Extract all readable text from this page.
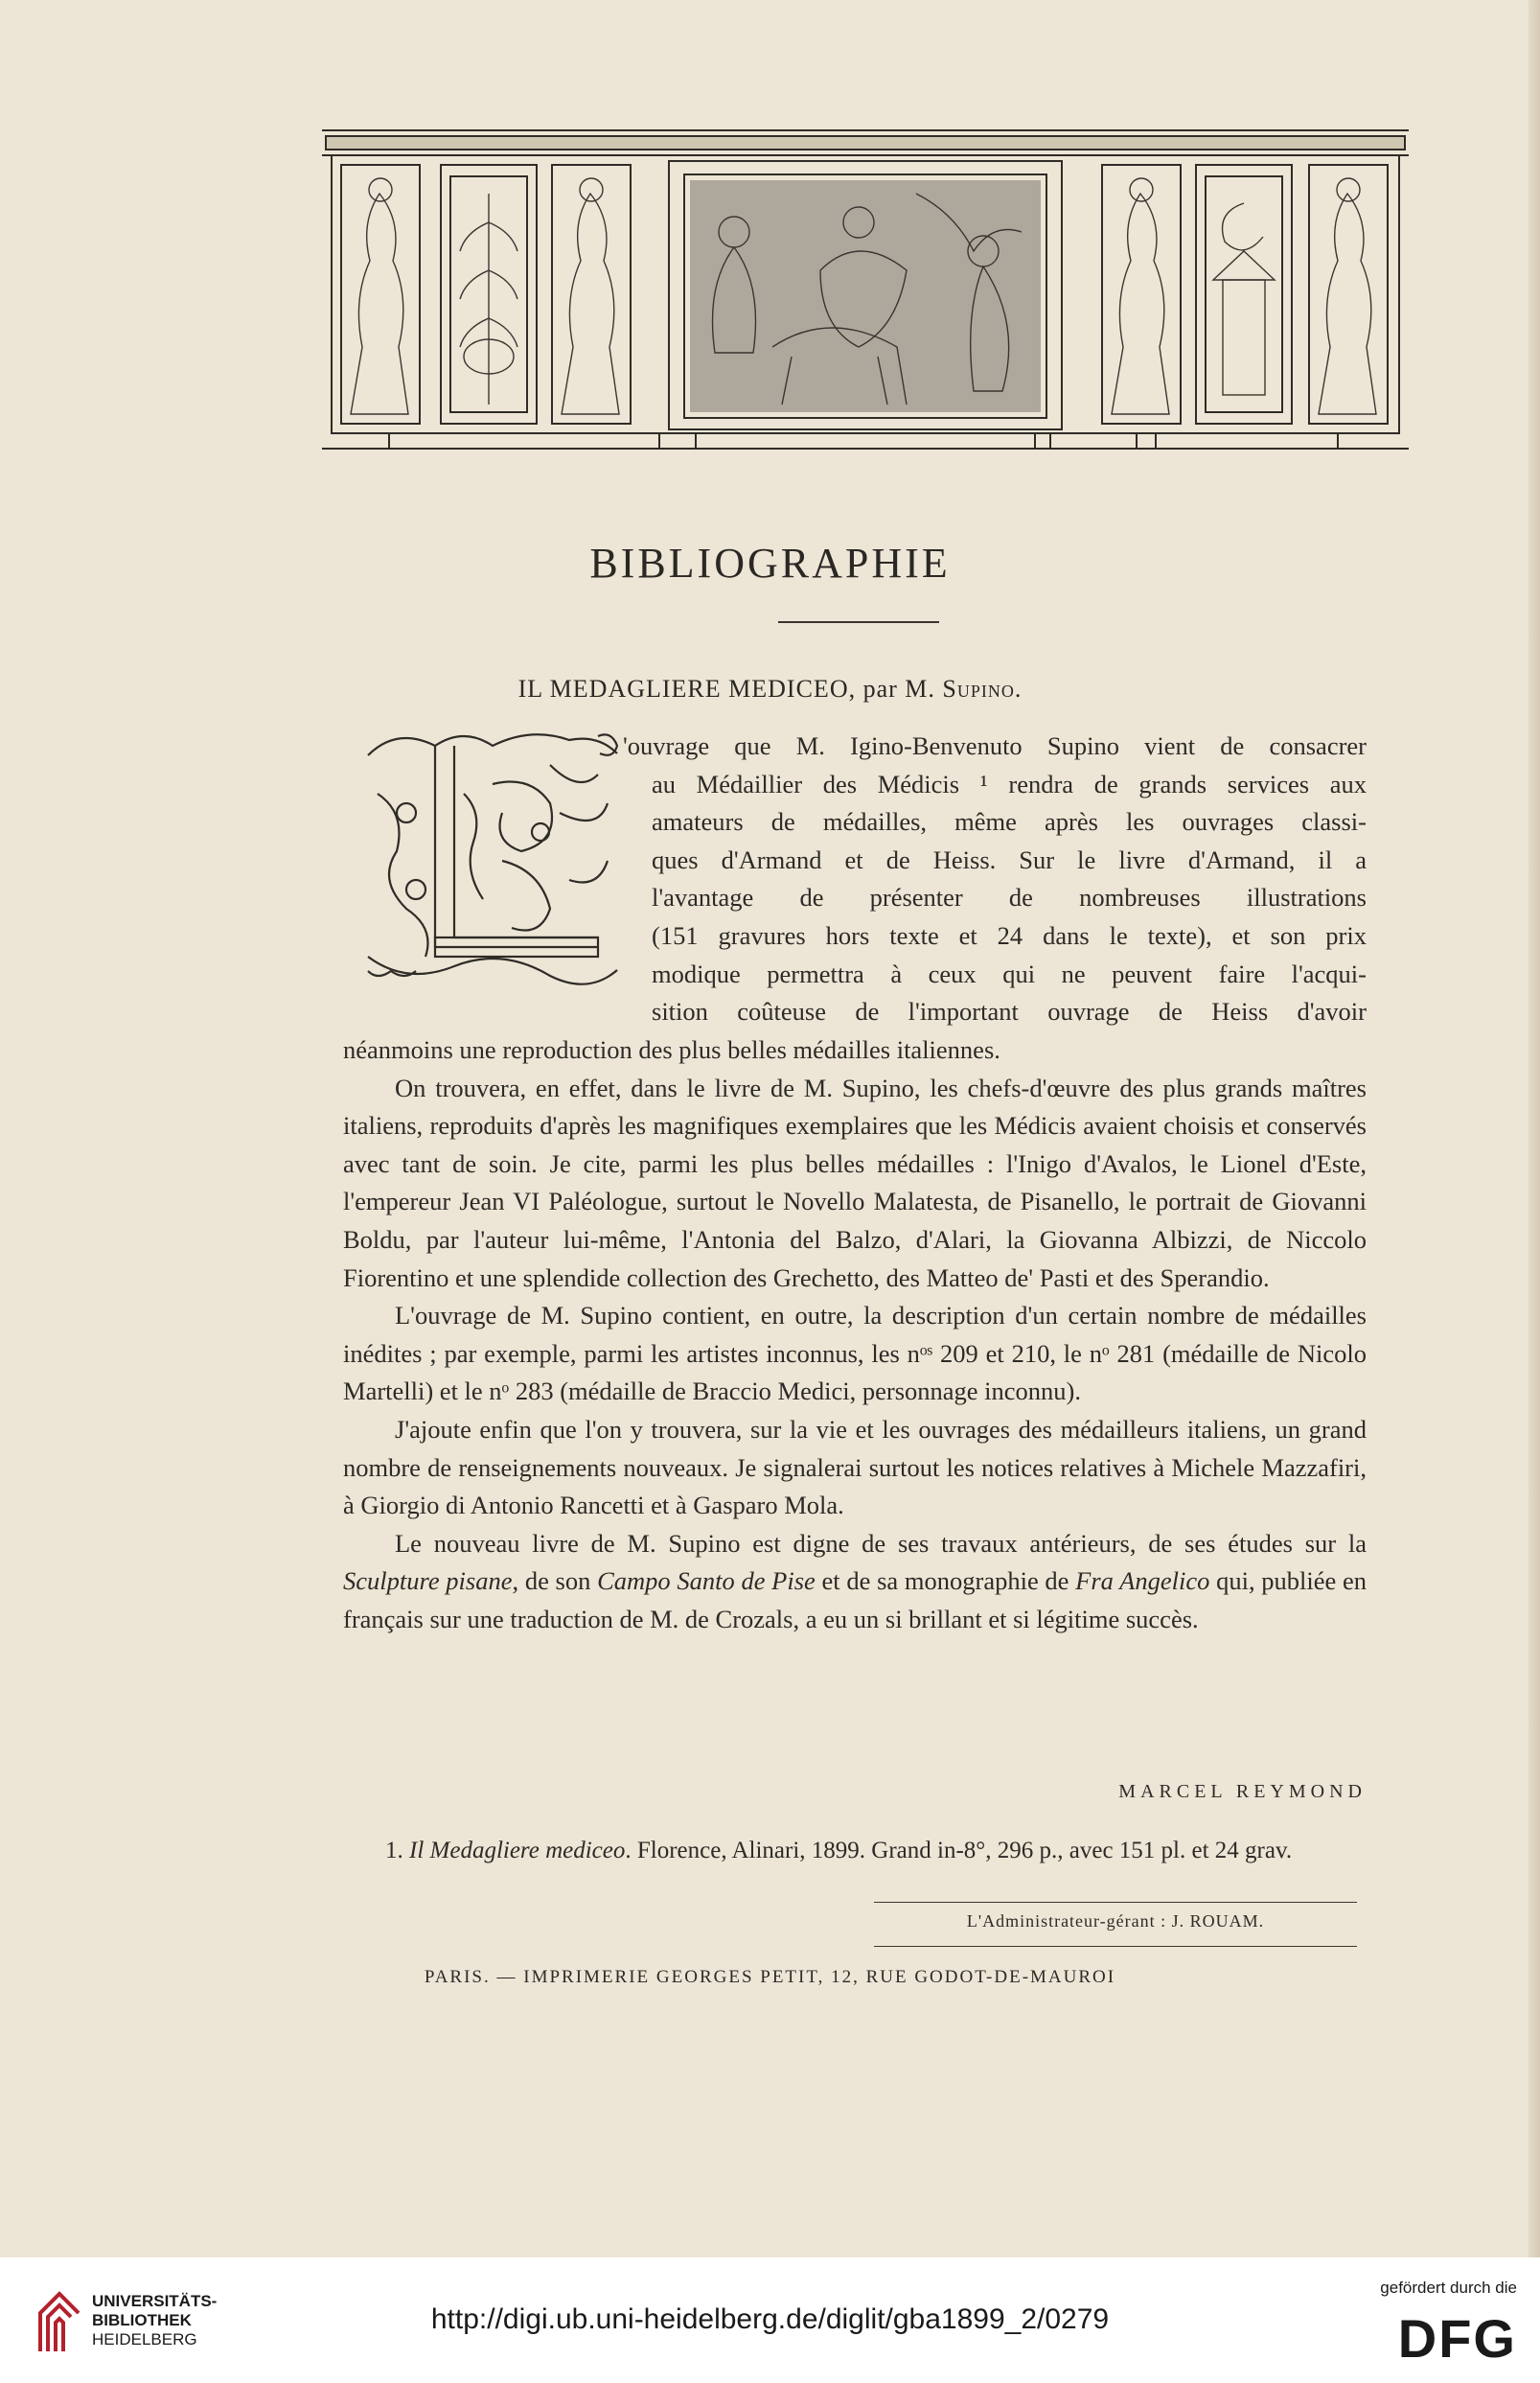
BIBLIOGRAPHIE
IL MEDAGLIERE MEDICEO, par M. Supino.
'ouvrage que M. Igino-Benvenuto Supino vient de consacrer
au Médaillier des Médicis ¹ rendra de grands services aux
amateurs de médailles, même après les ouvrages classi-
ques d'Armand et de Heiss. Sur le livre d'Armand, il a
l'avantage de présenter de nombreuses illustrations
(151 gravures hors texte et 24 dans le texte), et son prix
modique permettra à ceux qui ne peuvent faire l'acqui-
sition coûteuse de l'important ouvrage de Heiss d'avoir

néanmoins une reproduction des plus belles médailles italiennes.

On trouvera, en effet, dans le livre de M. Supino, les chefs-d'œuvre des plus grands maîtres italiens, reproduits d'après les magnifiques exemplaires que les Médicis avaient choisis et conservés avec tant de soin. Je cite, parmi les plus belles médailles : l'Inigo d'Avalos, le Lionel d'Este, l'empereur Jean VI Paléologue, surtout le Novello Malatesta, de Pisanello, le portrait de Giovanni Boldu, par l'auteur lui-même, l'Antonia del Balzo, d'Alari, la Giovanna Albizzi, de Niccolo Fiorentino et une splendide collection des Grechetto, des Matteo de' Pasti et des Sperandio.

L'ouvrage de M. Supino contient, en outre, la description d'un certain nombre de médailles inédites ; par exemple, parmi les artistes inconnus, les nᵒˢ 209 et 210, le nᵒ 281 (médaille de Nicolo Martelli) et le nᵒ 283 (médaille de Braccio Medici, personnage inconnu).

J'ajoute enfin que l'on y trouvera, sur la vie et les ouvrages des médailleurs italiens, un grand nombre de renseignements nouveaux. Je signalerai surtout les notices relatives à Michele Mazzafiri, à Giorgio di Antonio Rancetti et à Gasparo Mola.

Le nouveau livre de M. Supino est digne de ses travaux antérieurs, de ses études sur la Sculpture pisane, de son Campo Santo de Pise et de sa monographie de Fra Angelico qui, publiée en français sur une traduction de M. de Crozals, a eu un si brillant et si légitime succès.

MARCEL REYMOND
1. Il Medagliere mediceo. Florence, Alinari, 1899. Grand in-8°, 296 p., avec 151 pl. et 24 grav.
L'Administrateur-gérant : J. ROUAM.
PARIS. — IMPRIMERIE GEORGES PETIT, 12, RUE GODOT-DE-MAUROI
UNIVERSITÄTS-
BIBLIOTHEK
HEIDELBERG
http://digi.ub.uni-heidelberg.de/diglit/gba1899_2/0279
gefördert durch die
DFG
